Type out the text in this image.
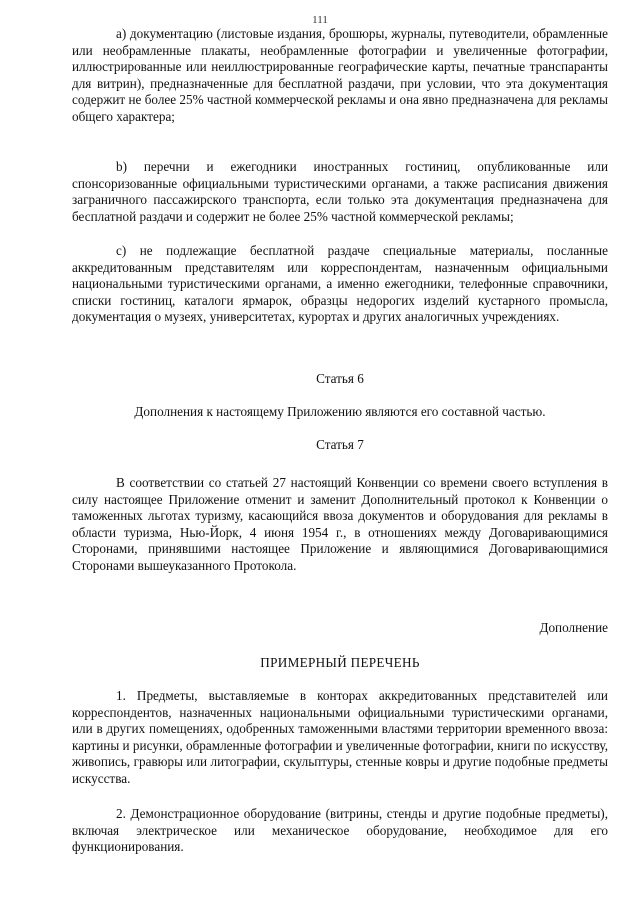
111

a) документацию (листовые издания, брошюры, журналы, путеводители, обрамленные или необрамленные плакаты, необрамленные фотографии и увеличенные фотографии, иллюстрированные или неиллюстрированные географические карты, печатные транспаранты для витрин), предназначенные для бесплатной раздачи, при условии, что эта документация содержит не более 25% частной коммерческой рекламы и она явно предназначена для рекламы общего характера;

b) перечни и ежегодники иностранных гостиниц, опубликованные или спонсоризованные официальными туристическими органами, а также расписания движения заграничного пассажирского транспорта, если только эта документация предназначена для бесплатной раздачи и содержит не более 25% частной коммерческой рекламы;

c) не подлежащие бесплатной раздаче специальные материалы, посланные аккредитованным представителям или корреспондентам, назначенным официальными национальными туристическими органами, а именно ежегодники, телефонные справочники, списки гостиниц, каталоги ярмарок, образцы недорогих изделий кустарного промысла, документация о музеях, университетах, курортах и других аналогичных учреждениях.

Статья 6
Дополнения к настоящему Приложению являются его составной частью.
Статья 7

В соответствии со статьей 27 настоящий Конвенции со времени своего вступления в силу настоящее Приложение отменит и заменит Дополнительный протокол к Конвенции о таможенных льготах туризму, касающийся ввоза документов и оборудования для рекламы в области туризма, Нью-Йорк, 4 июня 1954 г., в отношениях между Договаривающимися Сторонами, принявшими настоящее Приложение и являющимися Договаривающимися Сторонами вышеуказанного Протокола.

Дополнение
ПРИМЕРНЫЙ ПЕРЕЧЕНЬ

1. Предметы, выставляемые в конторах аккредитованных представителей или корреспондентов, назначенных национальными официальными туристическими органами, или в других помещениях, одобренных таможенными властями территории временного ввоза: картины и рисунки, обрамленные фотографии и увеличенные фотографии, книги по искусству, живопись, гравюры или литографии, скульптуры, стенные ковры и другие подобные предметы искусства.

2. Демонстрационное оборудование (витрины, стенды и другие подобные предметы), включая электрическое или механическое оборудование, необходимое для его функционирования.
